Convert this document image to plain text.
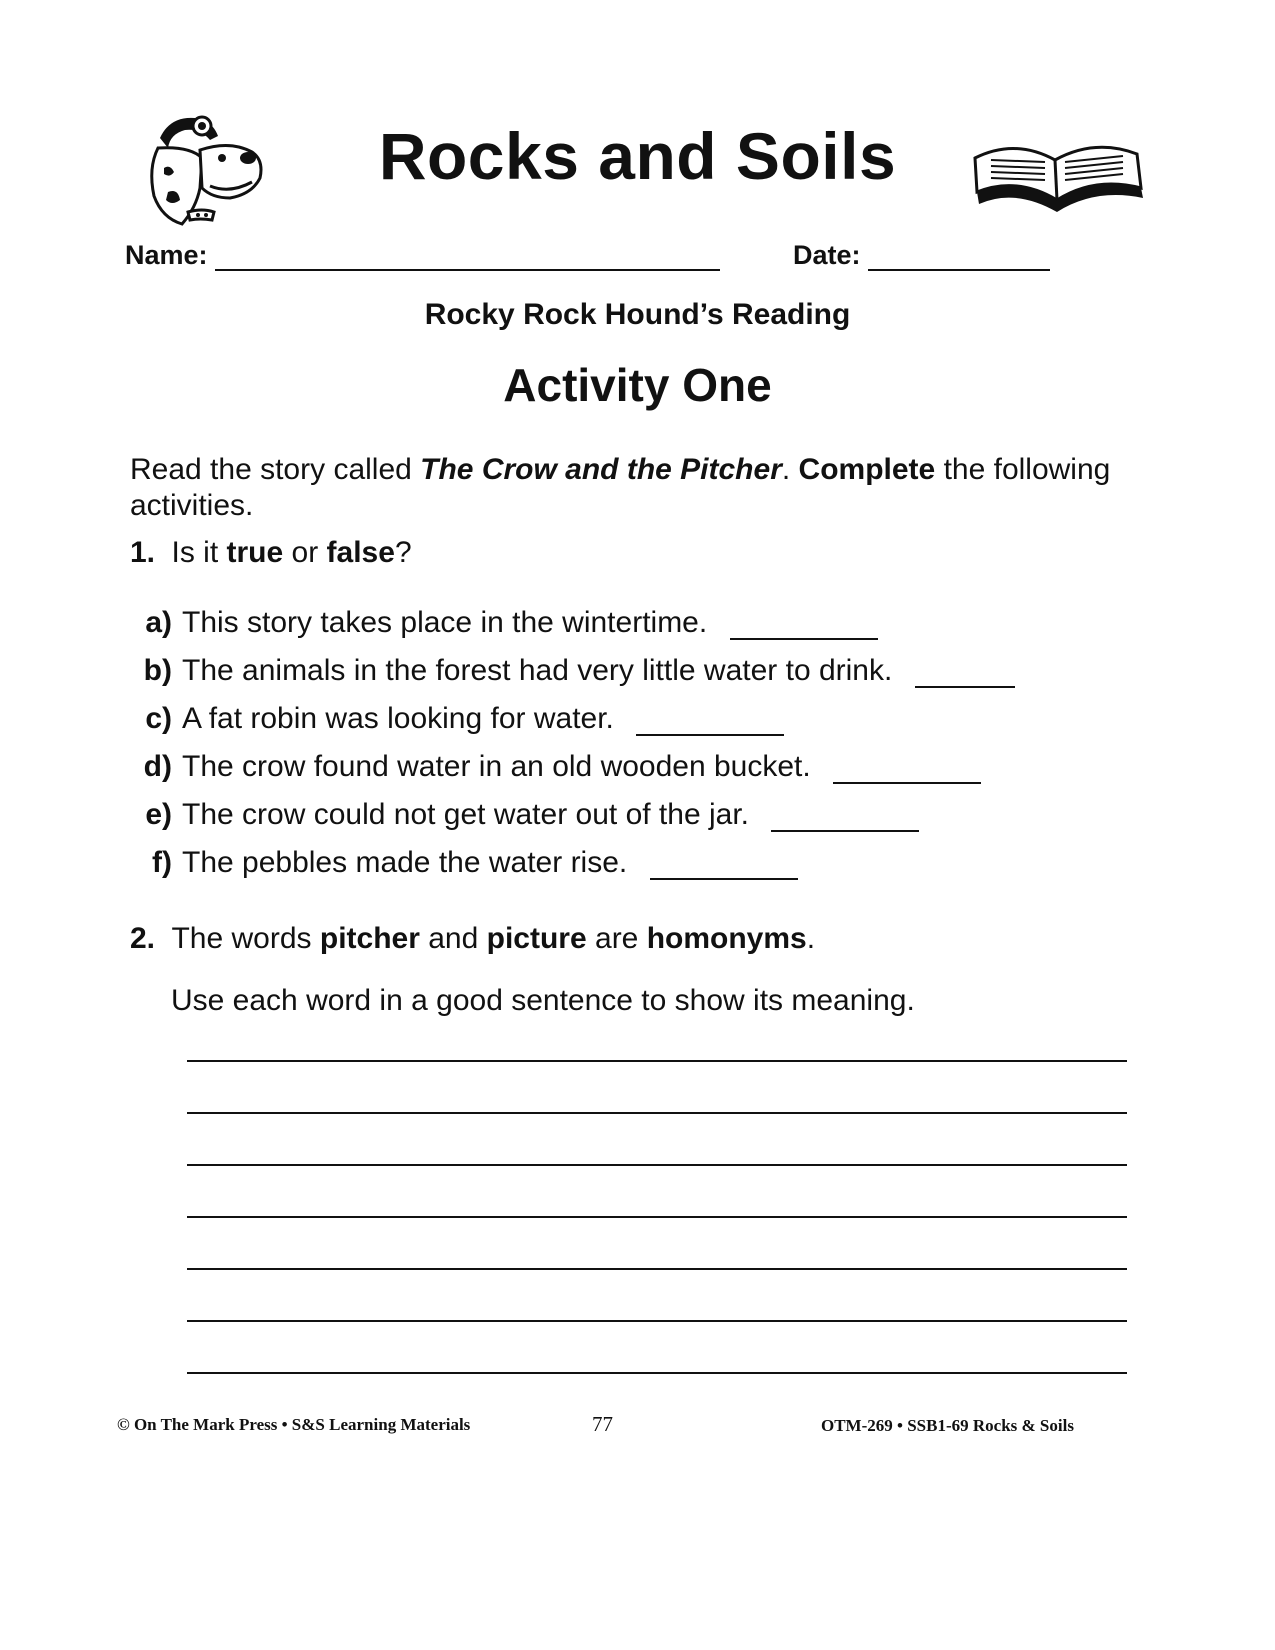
Rocks and Soils
Name:	Date:
Rocky Rock Hound’s Reading
Activity One
Read the story called The Crow and the Pitcher. Complete the following activities.
1. Is it true or false?
a) This story takes place in the wintertime.
b) The animals in the forest had very little water to drink.
c) A fat robin was looking for water.
d) The crow found water in an old wooden bucket.
e) The crow could not get water out of the jar.
f) The pebbles made the water rise.
2. The words pitcher and picture are homonyms.
Use each word in a good sentence to show its meaning.
© On The Mark Press • S&S Learning Materials	77	OTM-269 • SSB1-69 Rocks & Soils
